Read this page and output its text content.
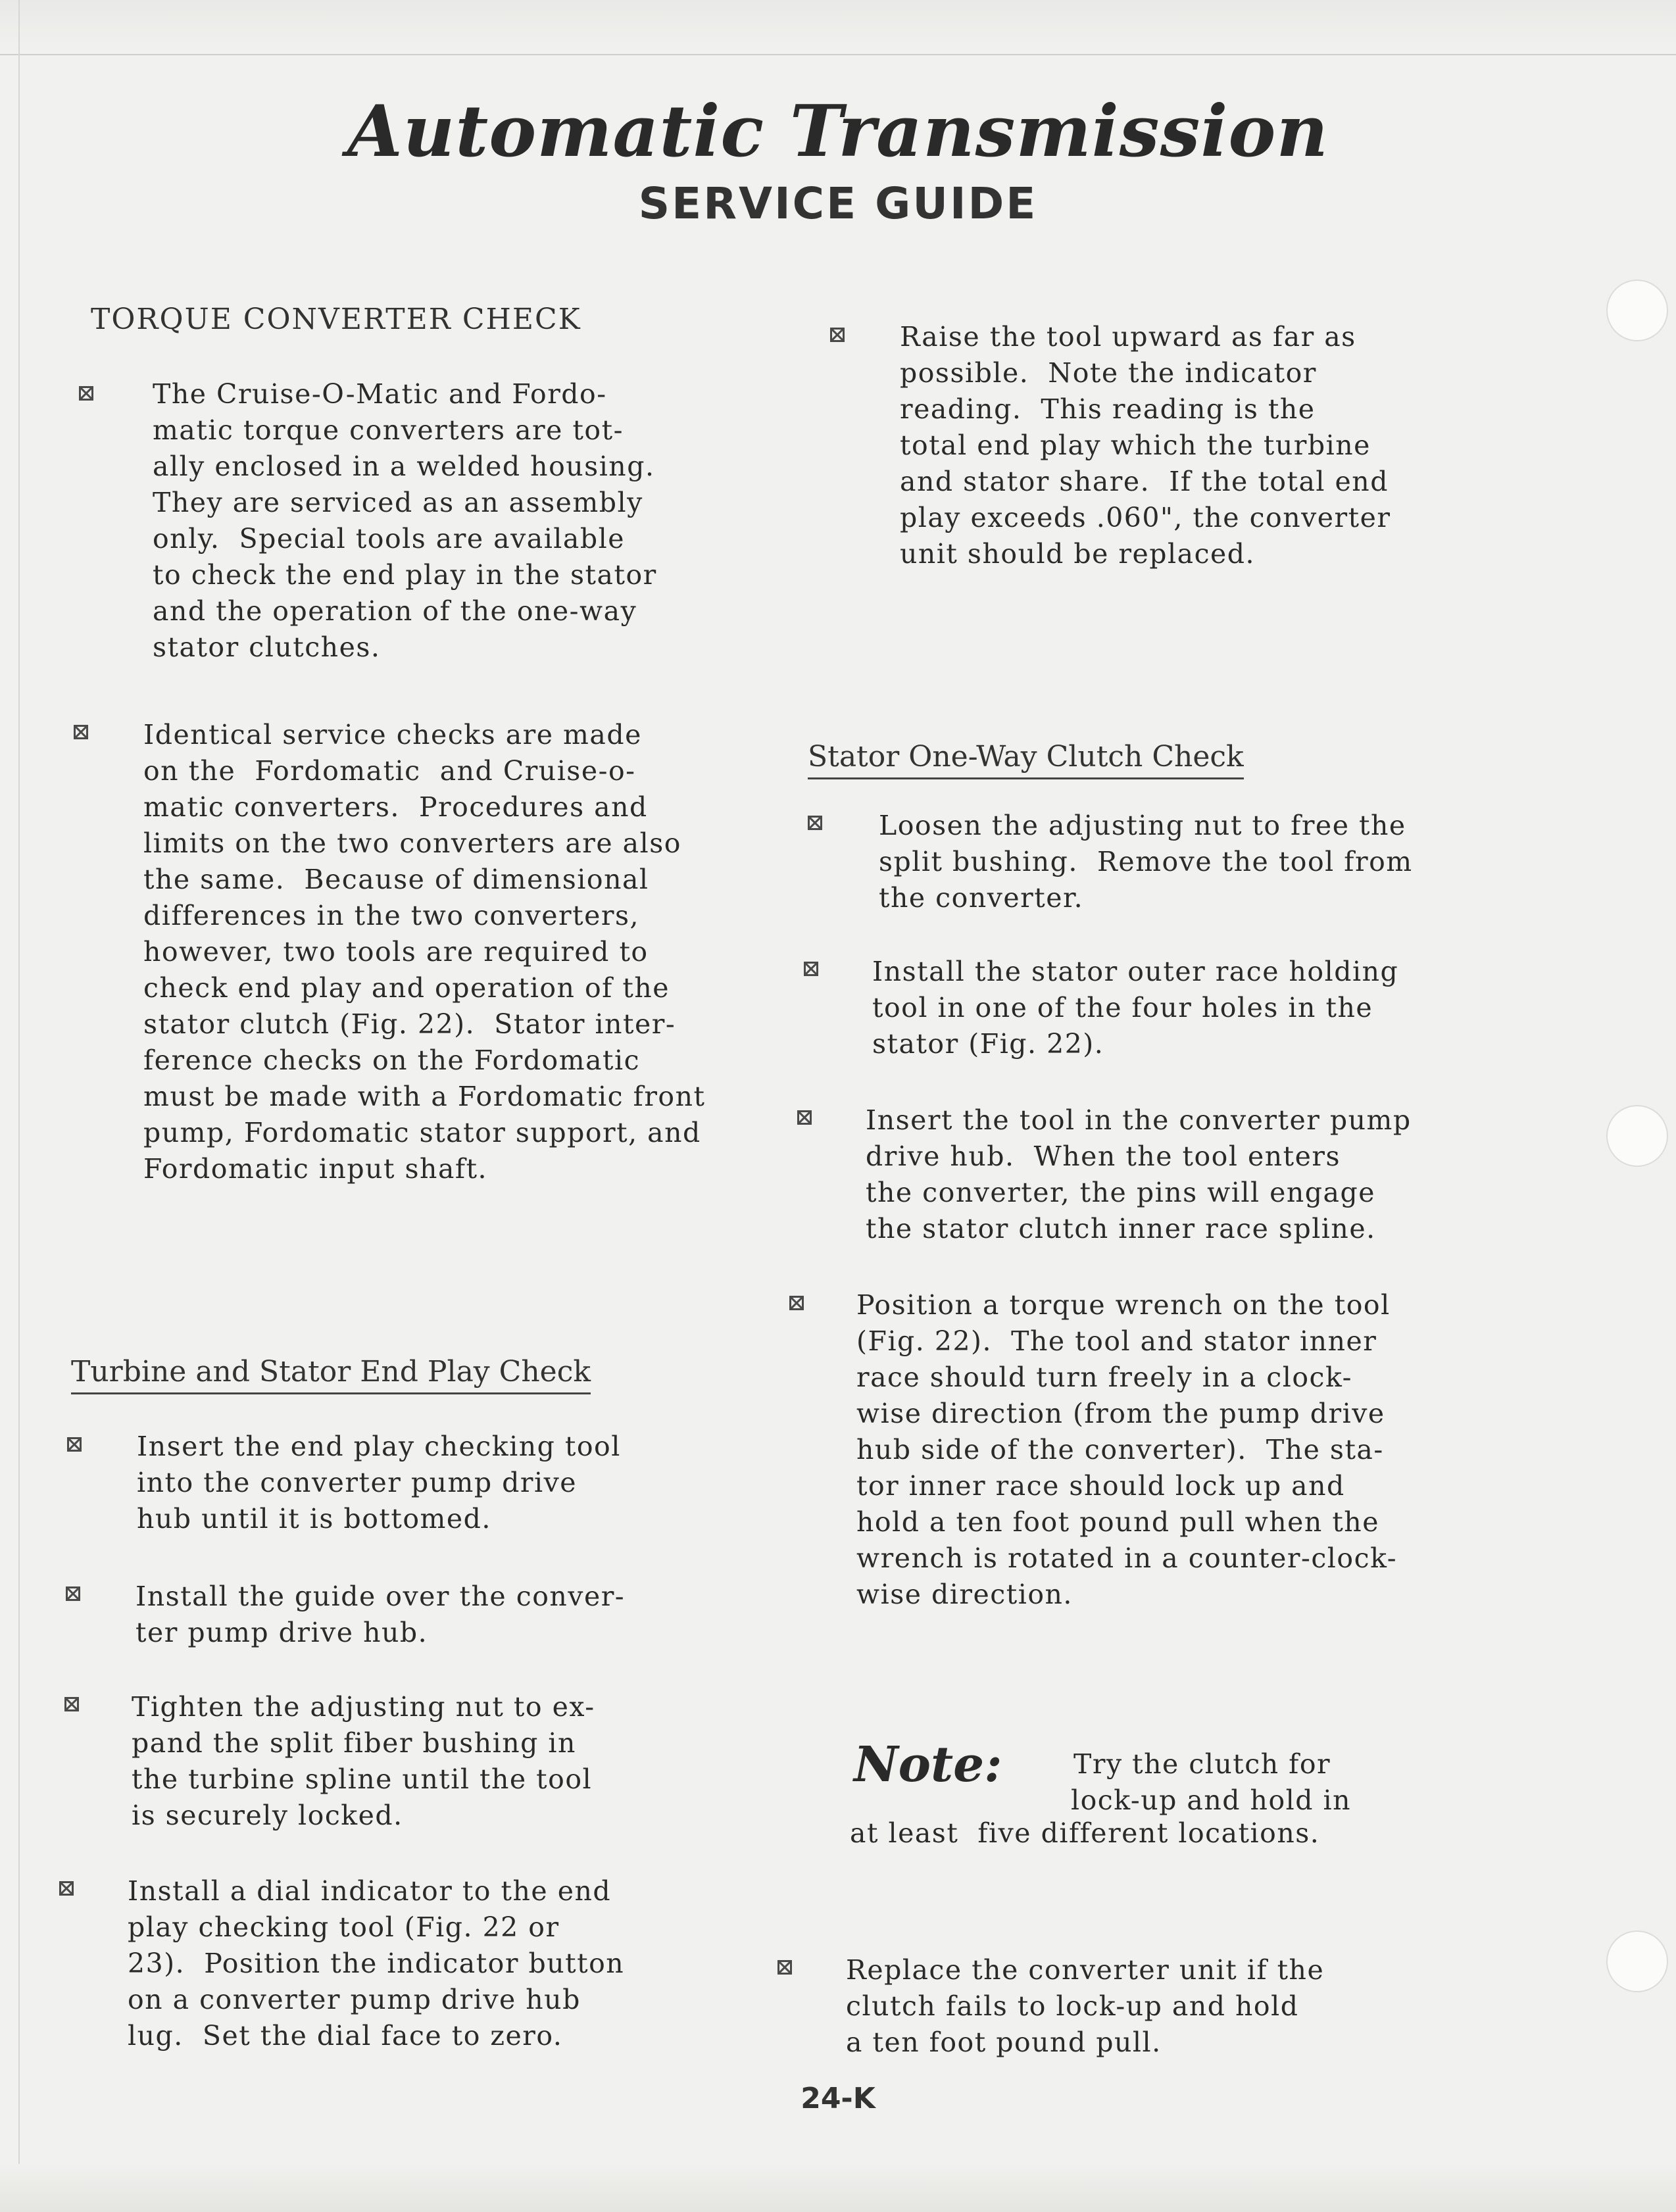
Automatic Transmission
SERVICE GUIDE
TORQUE CONVERTER CHECK

The Cruise-O-Matic and Fordo-
matic torque converters are tot-
ally enclosed in a welded housing.
They are serviced as an assembly
only.  Special tools are available
to check the end play in the stator
and the operation of the one-way
stator clutches.

Identical service checks are made
on the  Fordomatic  and Cruise-o-
matic converters.  Procedures and
limits on the two converters are also
the same.  Because of dimensional
differences in the two converters,
however, two tools are required to
check end play and operation of the
stator clutch (Fig. 22).  Stator inter-
ference checks on the Fordomatic
must be made with a Fordomatic front
pump, Fordomatic stator support, and
Fordomatic input shaft.

Turbine and Stator End Play Check

Insert the end play checking tool
into the converter pump drive
hub until it is bottomed.

Install the guide over the conver-
ter pump drive hub.

Tighten the adjusting nut to ex-
pand the split fiber bushing in
the turbine spline until the tool
is securely locked.

Install a dial indicator to the end
play checking tool (Fig. 22 or
23).  Position the indicator button
on a converter pump drive hub
lug.  Set the dial face to zero.

Raise the tool upward as far as
possible.  Note the indicator
reading.  This reading is the
total end play which the turbine
and stator share.  If the total end
play exceeds .060", the converter
unit should be replaced.

Stator One-Way Clutch Check

Loosen the adjusting nut to free the
split bushing.  Remove the tool from
the converter.

Install the stator outer race holding
tool in one of the four holes in the
stator (Fig. 22).

Insert the tool in the converter pump
drive hub.  When the tool enters
the converter, the pins will engage
the stator clutch inner race spline.

Position a torque wrench on the tool
(Fig. 22).  The tool and stator inner
race should turn freely in a clock-
wise direction (from the pump drive
hub side of the converter).  The sta-
tor inner race should lock up and
hold a ten foot pound pull when the
wrench is rotated in a counter-clock-
wise direction.

Note:	Try the clutch for

lock-up and hold in

at least  five different locations.

Replace the converter unit if the
clutch fails to lock-up and hold
a ten foot pound pull.

24-K
